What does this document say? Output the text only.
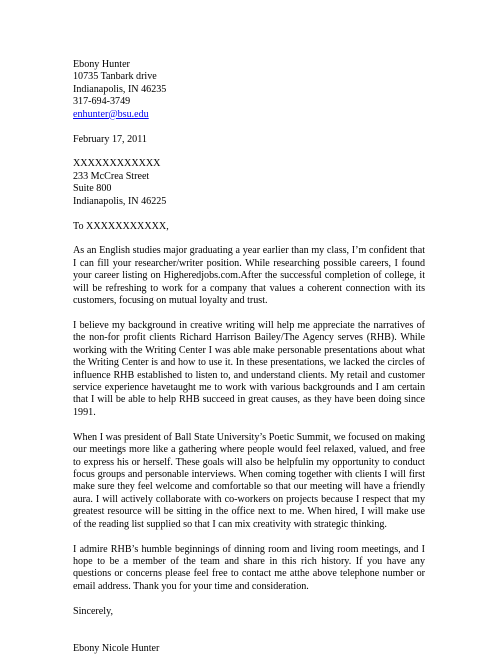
Ebony Hunter
10735 Tanbark drive
Indianapolis, IN 46235
317-694-3749
enhunter@bsu.edu
February 17, 2011
XXXXXXXXXXXX
233 McCrea Street
Suite 800
Indianapolis, IN 46225
To XXXXXXXXXXX,
As an English studies major graduating a year earlier than my class, I’m confident that I can fill your researcher/writer position. While researching possible careers, I found your career listing on Higheredjobs.com.After the successful completion of college, it will be refreshing to work for a company that values a coherent connection with its customers, focusing on mutual loyalty and trust.
I believe my background in creative writing will help me appreciate the narratives of the non-for profit clients Richard Harrison Bailey/The Agency serves (RHB). While working with the Writing Center I was able make personable presentations about what the Writing Center is and how to use it. In these presentations, we lacked the circles of influence RHB established to listen to, and understand clients. My retail and customer service experience havetaught me to work with various backgrounds and I am certain that I will be able to help RHB succeed in great causes, as they have been doing since 1991.
When I was president of Ball State University’s Poetic Summit, we focused on making our meetings more like a gathering where people would feel relaxed, valued, and free to express his or herself. These goals will also be helpfulin my opportunity to conduct focus groups and personable interviews. When coming together with clients I will first make sure they feel welcome and comfortable so that our meeting will have a friendly aura. I will actively collaborate with co-workers on projects because I respect that my greatest resource will be sitting in the office next to me. When hired, I will make use of the reading list supplied so that I can mix creativity with strategic thinking.
I admire RHB’s humble beginnings of dinning room and living room meetings, and I hope to be a member of the team and share in this rich history. If you have any questions or concerns please feel free to contact me atthe above telephone number or email address. Thank you for your time and consideration.
Sincerely,
Ebony Nicole Hunter
